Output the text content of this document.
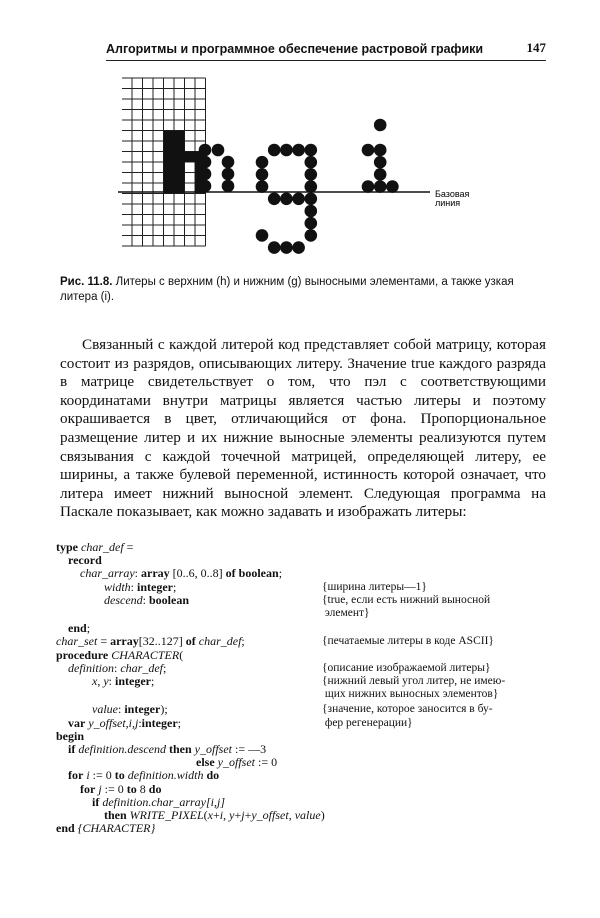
Алгоритмы и программное обеспечение растровой графики	147
Базовая
линия
Рис. 11.8. Литеры с верхним (h) и нижним (g) выносными элементами, а также узкая литера (i).

Связанный с каждой литерой код представляет собой матрицу, которая состоит из разрядов, описывающих литеру. Значение true каждого разряда в матрице свидетельствует о том, что пэл с соответствующими координатами внутри матрицы является частью литеры и поэтому окрашивается в цвет, отличающийся от фона. Пропорциональное размещение литер и их нижние выносные элементы реализуются путем связывания с каждой точечной матрицей, определяющей литеру, ее ширины, а также булевой переменной, истинность которой означает, что литера имеет нижний выносной элемент. Следующая программа на Паскале показывает, как можно задавать и изображать литеры:

type char_def =
record
char_array: array [0..6, 0..8] of boolean;
width: integer;	{ширина литеры—1}
descend: boolean	{true, если есть нижний выносной
элемент}
end;
char_set = array[32..127] of char_def;	{печатаемые литеры в коде ASCII}
procedure CHARACTER(
definition: char_def;	{описание изображаемой литеры}
x, y: integer;	{нижний левый угол литер, не имею-
щих нижних выносных элементов}
value: integer);	{значение, которое заносится в бу-
фер регенерации}
var y_offset,i,j:integer;
begin
if definition.descend then y_offset := —3
else y_offset := 0
for i := 0 to definition.width do
for j := 0 to 8 do
if definition.char_array[i,j]
then WRITE_PIXEL(x+i, y+j+y_offset, value)
end {CHARACTER}
